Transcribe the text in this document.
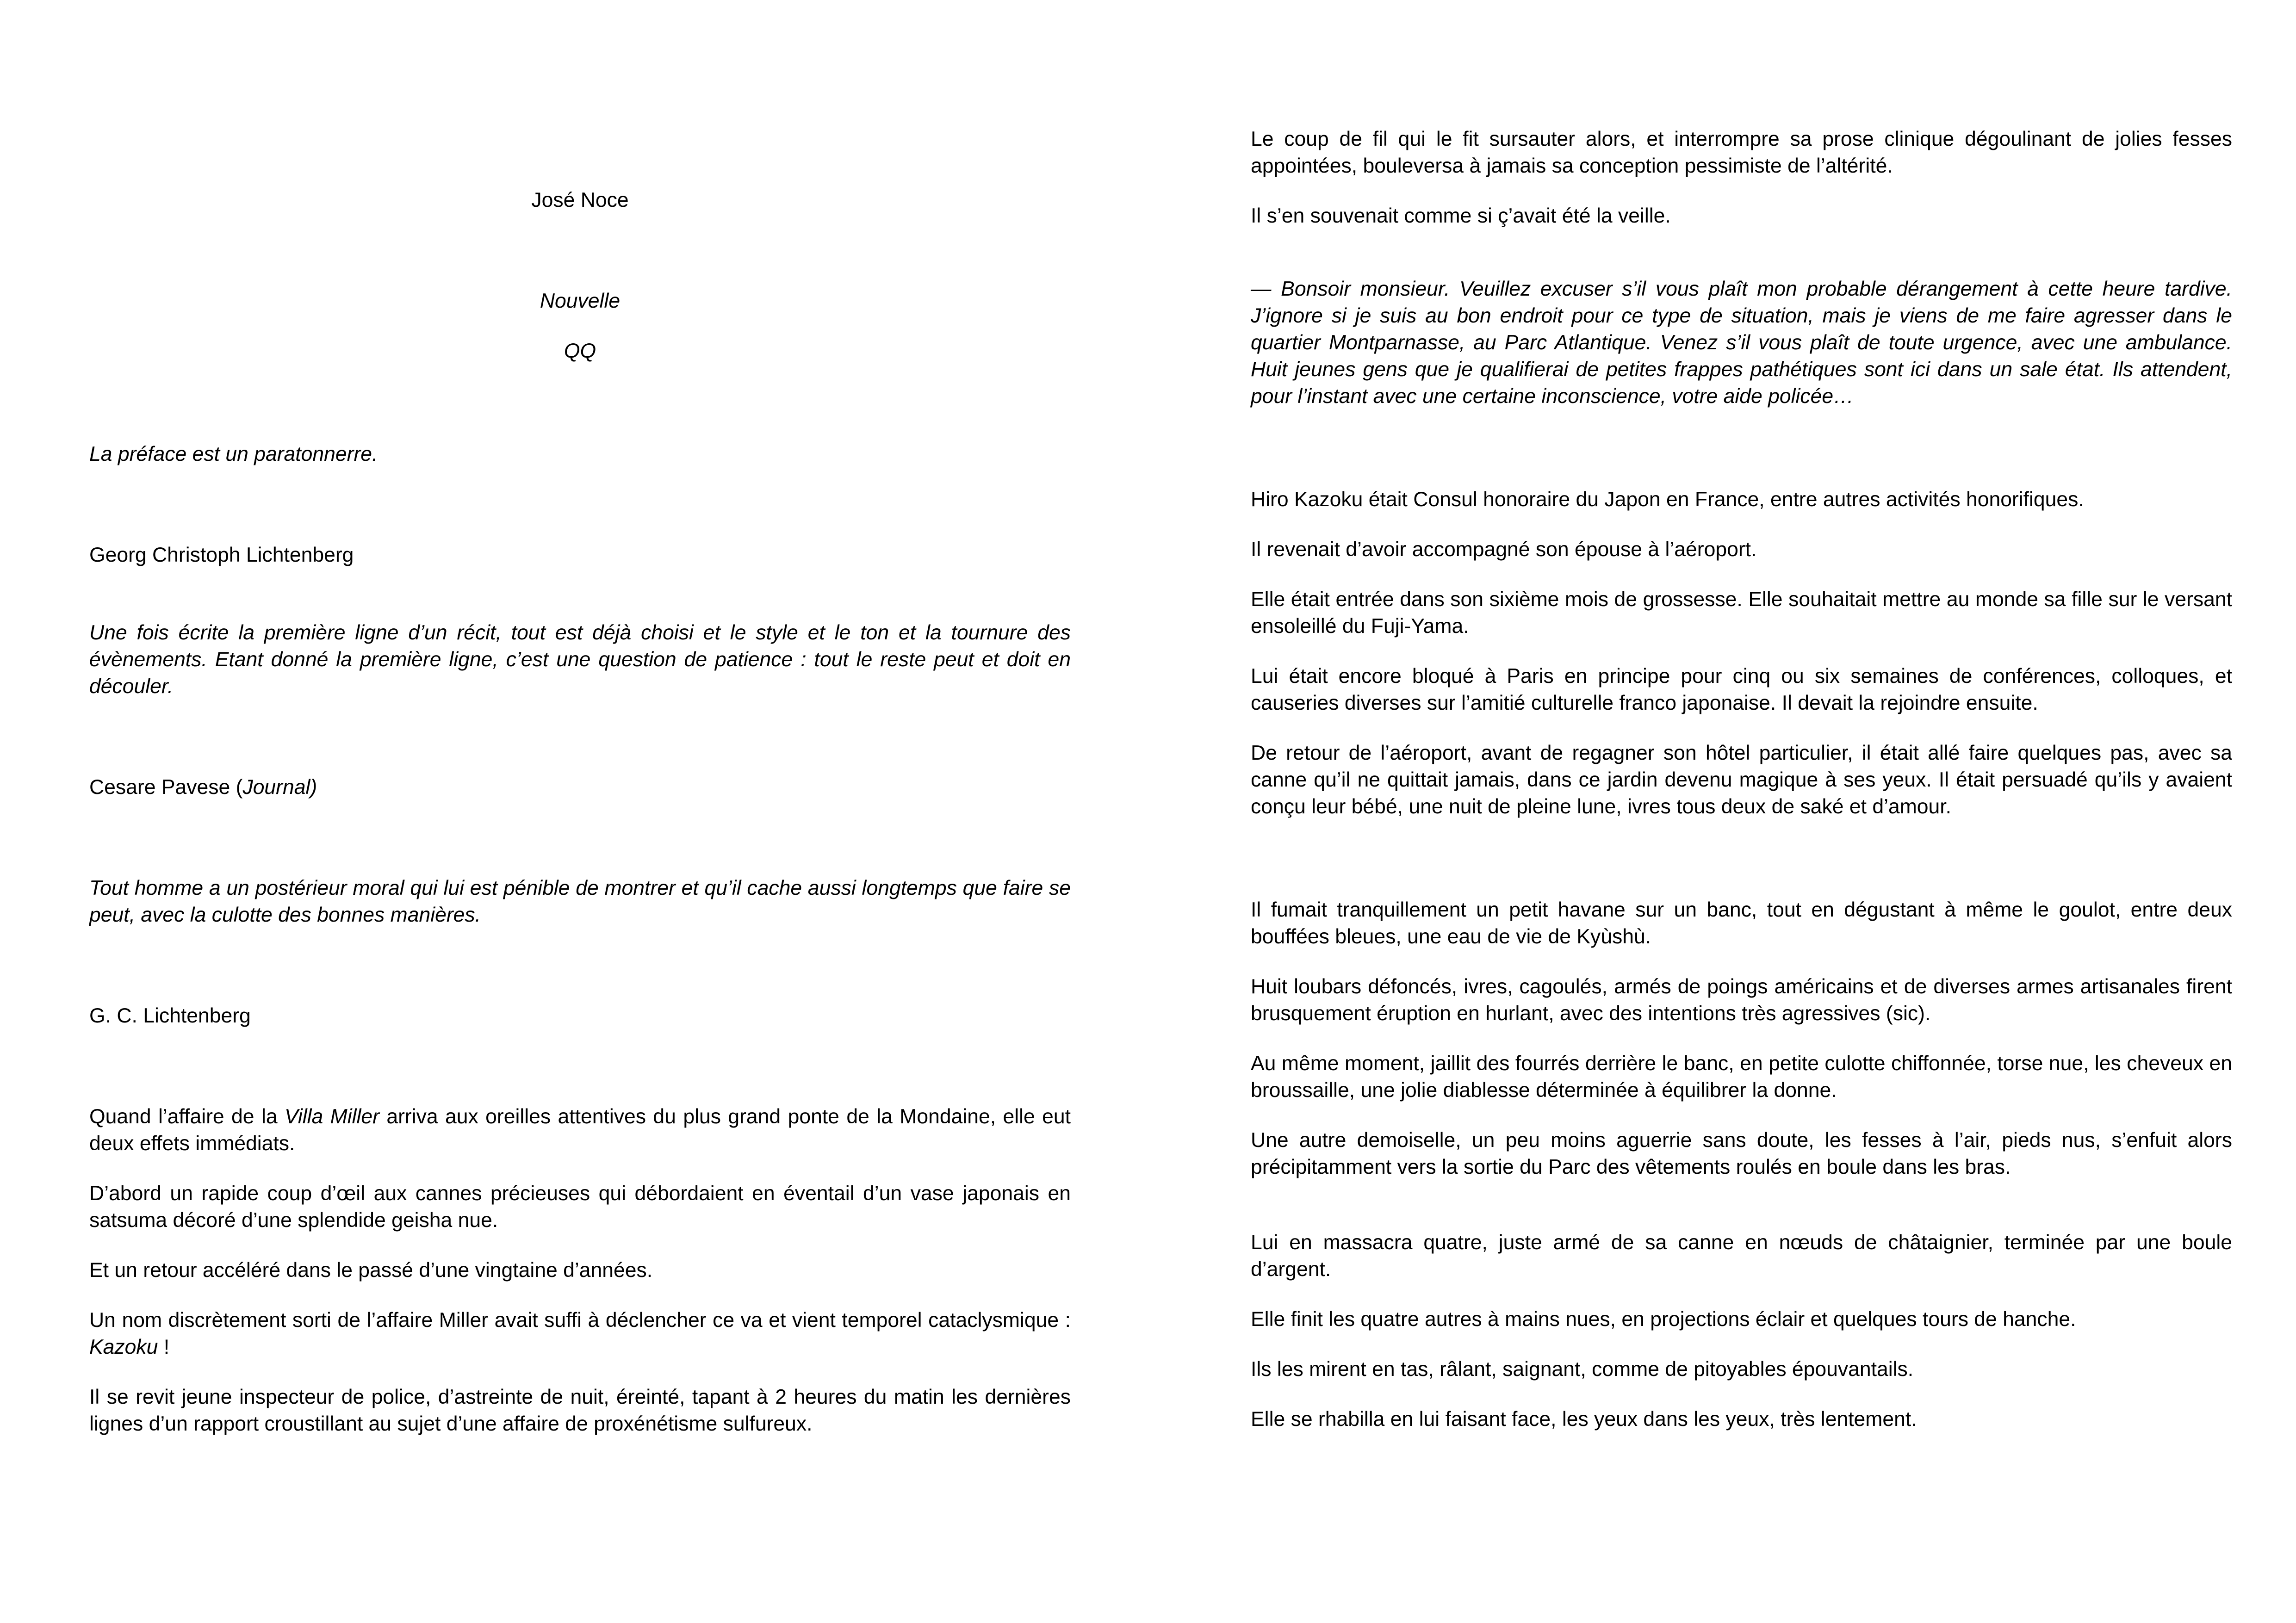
José Noce

Nouvelle

QQ

La préface est un paratonnerre.

Georg Christoph Lichtenberg

Une fois écrite la première ligne d’un récit, tout est déjà choisi et le style et le ton et la tournure des évènements. Etant donné la première ligne, c’est une question de patience : tout le reste peut et doit en découler.

Cesare Pavese (Journal)

Tout homme a un postérieur moral qui lui est pénible de montrer et qu’il cache aussi longtemps que faire se peut, avec la culotte des bonnes manières.

G. C. Lichtenberg

Quand l’affaire de la Villa Miller arriva aux oreilles attentives du plus grand ponte de la Mondaine, elle eut deux effets immédiats.

D’abord un rapide coup d’œil aux cannes précieuses qui débordaient en éventail d’un vase japonais en satsuma décoré d’une splendide geisha nue.

Et un retour accéléré dans le passé d’une vingtaine d’années.

Un nom discrètement sorti de l’affaire Miller avait suffi à déclencher ce va et vient temporel cataclysmique : Kazoku !

Il se revit jeune inspecteur de police, d’astreinte de nuit, éreinté, tapant à 2 heures du matin les dernières lignes d’un rapport croustillant au sujet d’une affaire de proxénétisme sulfureux.

Le coup de fil qui le fit sursauter alors, et interrompre sa prose clinique dégoulinant de jolies fesses appointées, bouleversa à jamais sa conception pessimiste de l’altérité.

Il s’en souvenait comme si ç’avait été la veille.

— Bonsoir monsieur. Veuillez excuser s’il vous plaît mon probable dérangement à cette heure tardive. J’ignore si je suis au bon endroit pour ce type de situation, mais je viens de me faire agresser dans le quartier Montparnasse, au Parc Atlantique. Venez s’il vous plaît de toute urgence, avec une ambulance. Huit jeunes gens que je qualifierai de petites frappes pathétiques sont ici dans un sale état. Ils attendent, pour l’instant avec une certaine inconscience, votre aide policée…

Hiro Kazoku était Consul honoraire du Japon en France, entre autres activités honorifiques.

Il revenait d’avoir accompagné son épouse à l’aéroport.

Elle était entrée dans son sixième mois de grossesse. Elle souhaitait mettre au monde sa fille sur le versant ensoleillé du Fuji-Yama.

Lui était encore bloqué à Paris en principe pour cinq ou six semaines de conférences, colloques, et causeries diverses sur l’amitié culturelle franco japonaise. Il devait la rejoindre ensuite.

De retour de l’aéroport, avant de regagner son hôtel particulier, il était allé faire quelques pas, avec sa canne qu’il ne quittait jamais, dans ce jardin devenu magique à ses yeux. Il était persuadé qu’ils y avaient conçu leur bébé, une nuit de pleine lune, ivres tous deux de saké et d’amour.

Il fumait tranquillement un petit havane sur un banc, tout en dégustant à même le goulot, entre deux bouffées bleues, une eau de vie de Kyùshù.

Huit loubars défoncés, ivres, cagoulés, armés de poings américains et de diverses armes artisanales firent brusquement éruption en hurlant, avec des intentions très agressives (sic).

Au même moment, jaillit des fourrés derrière le banc, en petite culotte chiffonnée, torse nue, les cheveux en broussaille, une jolie diablesse déterminée à équilibrer la donne.

Une autre demoiselle, un peu moins aguerrie sans doute, les fesses à l’air, pieds nus, s’enfuit alors précipitamment vers la sortie du Parc des vêtements roulés en boule dans les bras.

Lui en massacra quatre, juste armé de sa canne en nœuds de châtaignier, terminée par une boule d’argent.

Elle finit les quatre autres à mains nues, en projections éclair et quelques tours de hanche.

Ils les mirent en tas, râlant, saignant, comme de pitoyables épouvantails.

Elle se rhabilla en lui faisant face, les yeux dans les yeux, très lentement.
